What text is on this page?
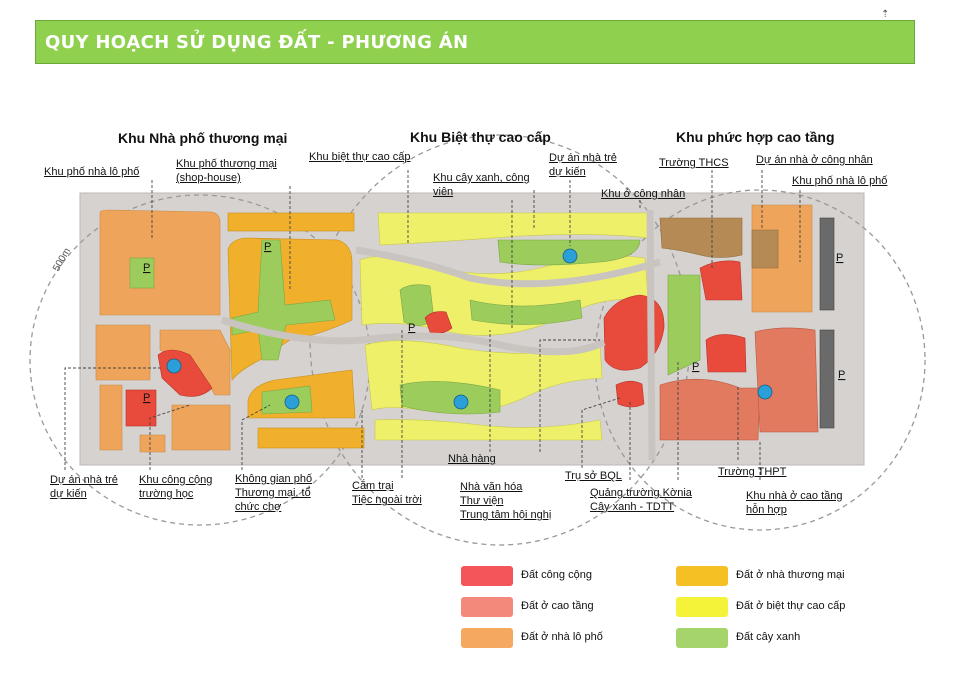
QUY HOẠCH SỬ DỤNG ĐẤT - PHƯƠNG ÁN
⇡
500m	P
P
P
P
P
P
P
Khu Nhà phố thương mại	Khu Biệt thự cao cấp	Khu phức hợp cao tầng
Khu phố nhà lô phố
Khu phố thương mại
(shop-house)
Khu biệt thự cao cấp
Khu cây xanh, công
viên
Dự án nhà trẻ
dự kiến
Khu ở công nhân
Trường THCS Dự án nhà ở công nhân
Khu phố nhà lô phố
Dự án nhà trẻ
dự kiến
Khu công cộng
trường học
Không gian phố
Thương mại, tổ
chức chợ
Cắm trại
Tiệc ngoài trời
Nhà hàng
Nhà văn hóa
Thư viện
Trung tâm hội nghị
Trụ sở BQL
Quảng trường Kờnia
Cây xanh - TDTT
Trường THPT
Khu nhà ở cao tầng
hỗn hợp
Đất công cộng
Đất ở cao tầng
Đất ở nhà lô phố
Đất ở nhà thương mại
Đất ở biệt thự cao cấp
Đất cây xanh
